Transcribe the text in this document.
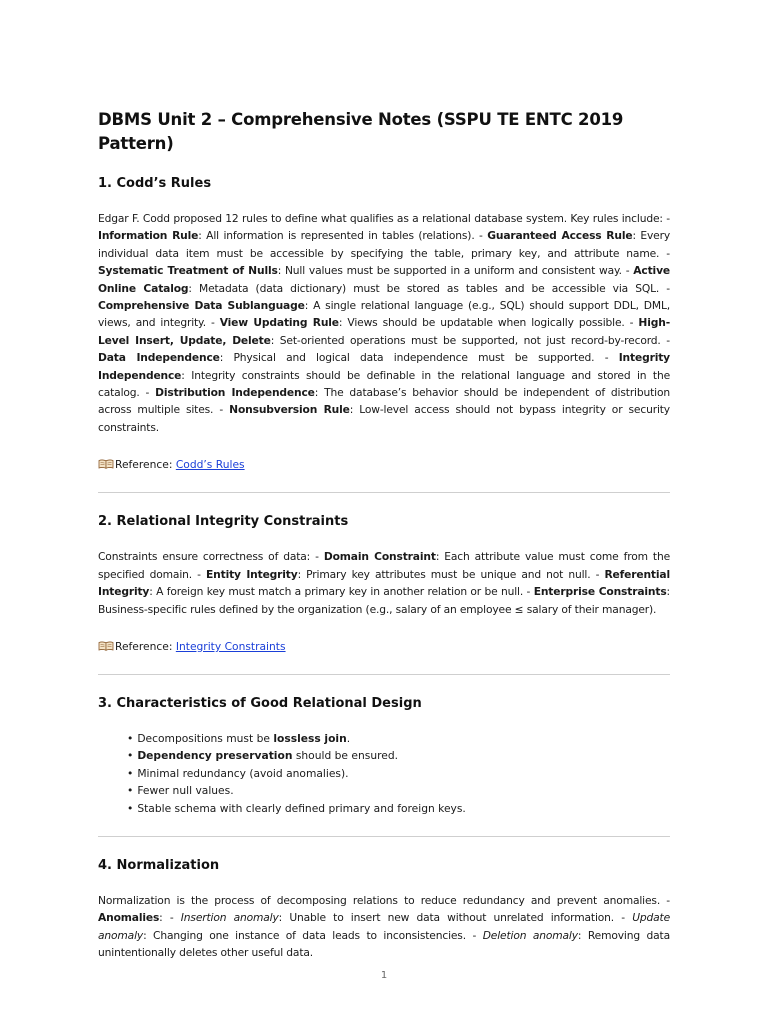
DBMS Unit 2 – Comprehensive Notes (SSPU TE ENTC 2019 Pattern)
1. Codd’s Rules

Edgar F. Codd proposed 12 rules to define what qualifies as a relational database system. Key rules include: - Information Rule: All information is represented in tables (relations). - Guaranteed Access Rule: Every individual data item must be accessible by specifying the table, primary key, and attribute name. - Systematic Treatment of Nulls: Null values must be supported in a uniform and consistent way. - Active Online Catalog: Metadata (data dictionary) must be stored as tables and be accessible via SQL. - Comprehensive Data Sublanguage: A single relational language (e.g., SQL) should support DDL, DML, views, and integrity. - View Updating Rule: Views should be updatable when logically possible. - High-Level Insert, Update, Delete: Set-oriented operations must be supported, not just record-by-record. - Data Independence: Physical and logical data independence must be supported. - Integrity Independence: Integrity constraints should be definable in the relational language and stored in the catalog. - Distribution Independence: The database’s behavior should be independent of distribution across multiple sites. - Nonsubversion Rule: Low-level access should not bypass integrity or security constraints.

Reference: Codd’s Rules

2. Relational Integrity Constraints

Constraints ensure correctness of data: - Domain Constraint: Each attribute value must come from the specified domain. - Entity Integrity: Primary key attributes must be unique and not null. - Referential Integrity: A foreign key must match a primary key in another relation or be null. - Enterprise Constraints: Business-specific rules defined by the organization (e.g., salary of an employee ≤ salary of their manager).

Reference: Integrity Constraints

3. Characteristics of Good Relational Design
• Decompositions must be lossless join.
• Dependency preservation should be ensured.
• Minimal redundancy (avoid anomalies).
• Fewer null values.
• Stable schema with clearly defined primary and foreign keys.
4. Normalization

Normalization is the process of decomposing relations to reduce redundancy and prevent anomalies. - Anomalies: - Insertion anomaly: Unable to insert new data without unrelated information. - Update anomaly: Changing one instance of data leads to inconsistencies. - Deletion anomaly: Removing data unintentionally deletes other useful data.

1
